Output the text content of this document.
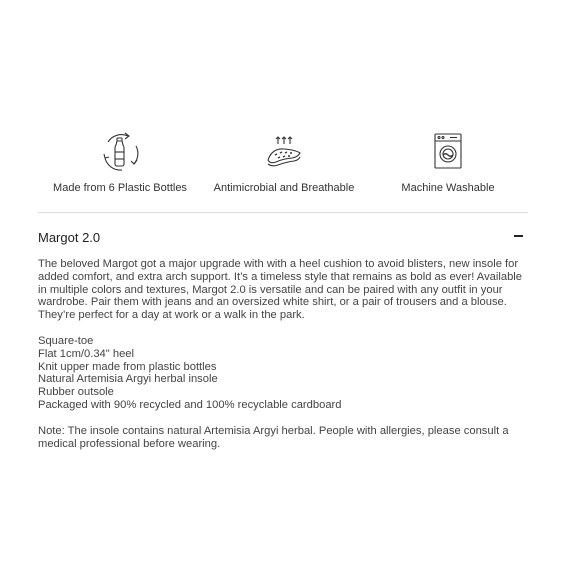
Made from 6 Plastic Bottles	Antimicrobial and Breathable	Machine Washable
Margot 2.0

The beloved Margot got a major upgrade with with a heel cushion to avoid blisters, new insole for added comfort, and extra arch support. It’s a timeless style that remains as bold as ever! Available in multiple colors and textures, Margot 2.0 is versatile and can be paired with any outfit in your wardrobe. Pair them with jeans and an oversized white shirt, or a pair of trousers and a blouse. They’re perfect for a day at work or a walk in the park.

Square-toe
Flat 1cm/0.34" heel
Knit upper made from plastic bottles
Natural Artemisia Argyi herbal insole
Rubber outsole
Packaged with 90% recycled and 100% recyclable cardboard

Note: The insole contains natural Artemisia Argyi herbal. People with allergies, please consult a medical professional before wearing.
